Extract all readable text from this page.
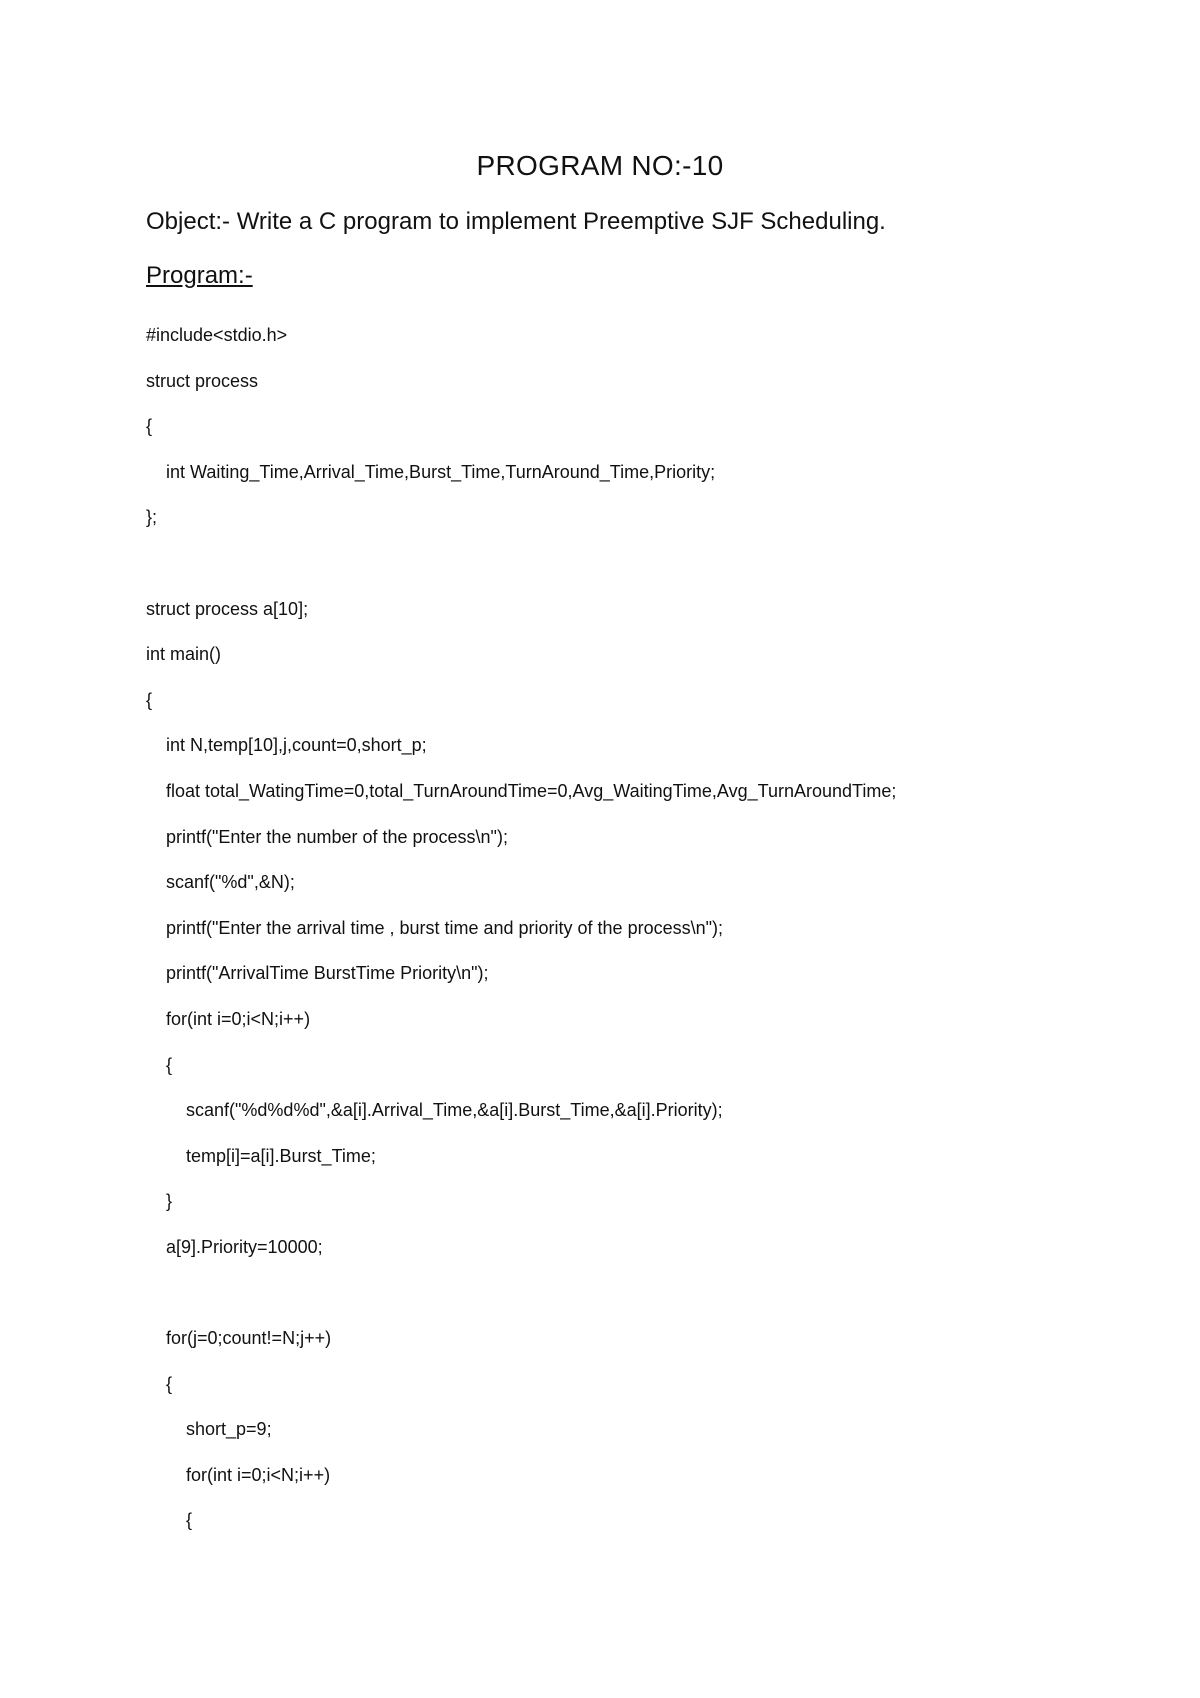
PROGRAM NO:-10
Object:- Write a C program to implement Preemptive SJF Scheduling.
Program:-
#include<stdio.h>
struct process
{
int Waiting_Time,Arrival_Time,Burst_Time,TurnAround_Time,Priority;
};
struct process a[10];
int main()
{
int N,temp[10],j,count=0,short_p;
float total_WatingTime=0,total_TurnAroundTime=0,Avg_WaitingTime,Avg_TurnAroundTime;
printf("Enter the number of the process\n");
scanf("%d",&N);
printf("Enter the arrival time , burst time and priority of the process\n");
printf("ArrivalTime BurstTime Priority\n");
for(int i=0;i<N;i++)
{
scanf("%d%d%d",&a[i].Arrival_Time,&a[i].Burst_Time,&a[i].Priority);
temp[i]=a[i].Burst_Time;
}
a[9].Priority=10000;
for(j=0;count!=N;j++)
{
short_p=9;
for(int i=0;i<N;i++)
{
